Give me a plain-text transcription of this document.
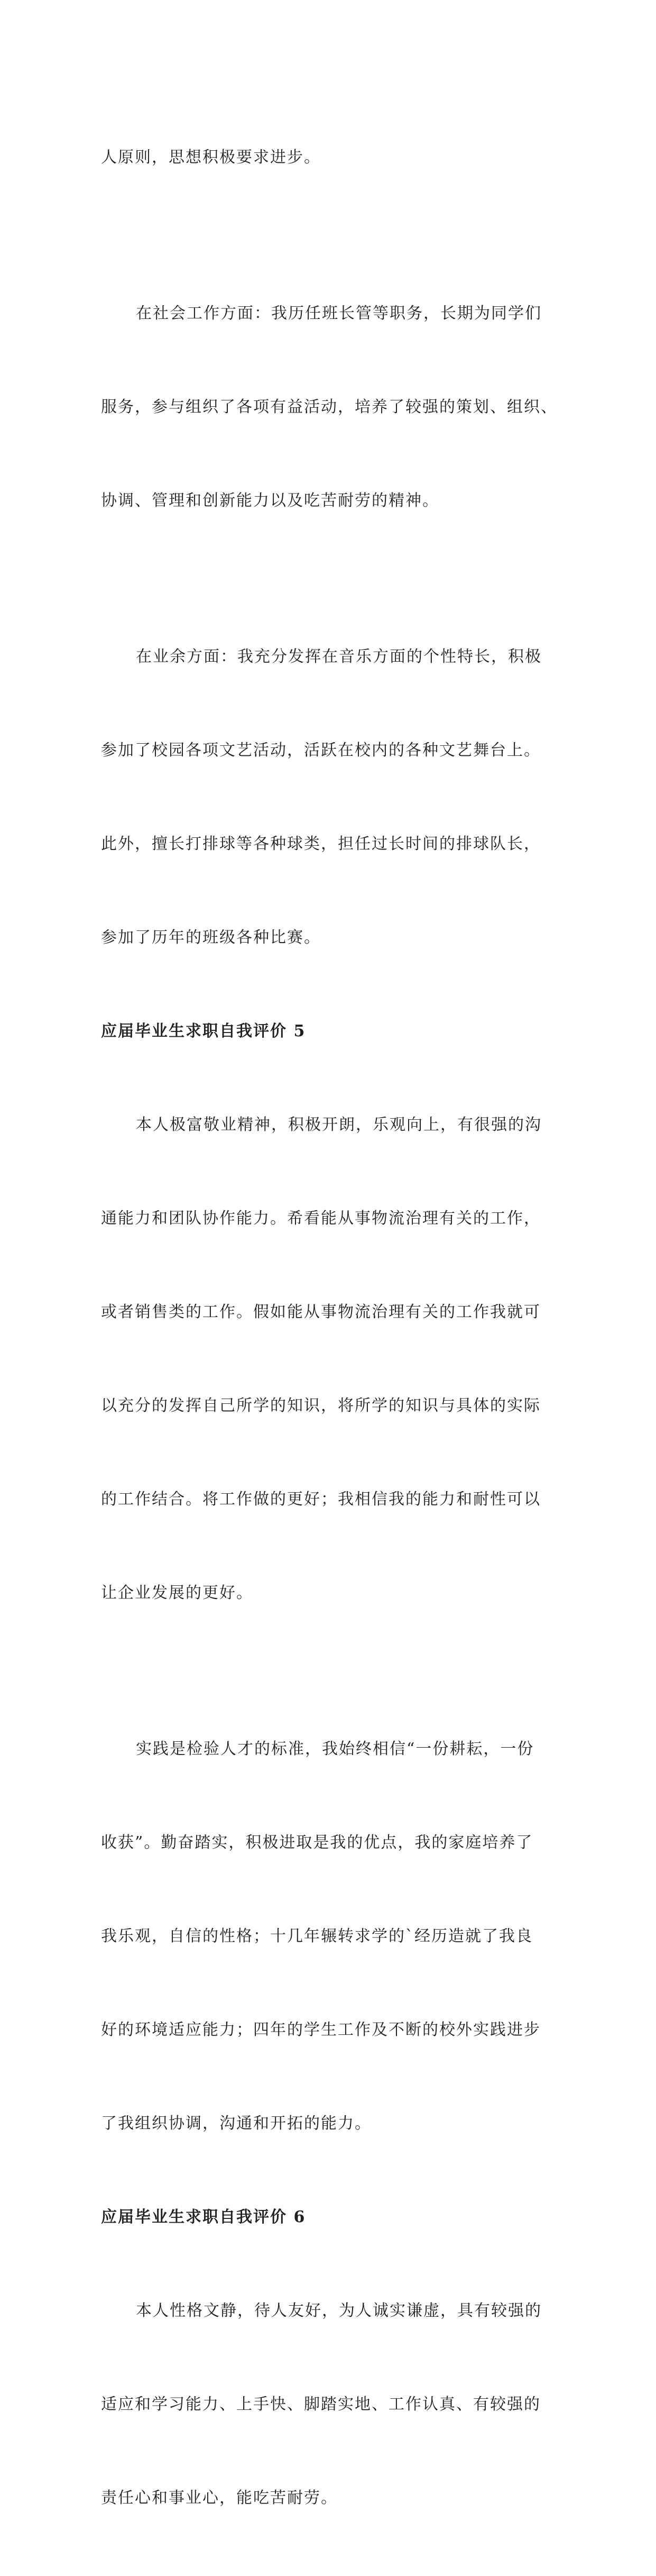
人原则，思想积极要求进步。

在社会工作方面：我历任班长管等职务，长期为同学们

服务，参与组织了各项有益活动，培养了较强的策划、组织、

协调、管理和创新能力以及吃苦耐劳的精神。

在业余方面：我充分发挥在音乐方面的个性特长，积极

参加了校园各项文艺活动，活跃在校内的各种文艺舞台上。

此外，擅长打排球等各种球类，担任过长时间的排球队长，

参加了历年的班级各种比赛。

应届毕业生求职自我评价 5

本人极富敬业精神，积极开朗，乐观向上，有很强的沟

通能力和团队协作能力。希看能从事物流治理有关的工作，

或者销售类的工作。假如能从事物流治理有关的工作我就可

以充分的发挥自己所学的知识，将所学的知识与具体的实际

的工作结合。将工作做的更好；我相信我的能力和耐性可以

让企业发展的更好。

实践是检验人才的标准，我始终相信“一份耕耘，一份

收获”。勤奋踏实，积极进取是我的优点，我的家庭培养了

我乐观，自信的性格；十几年辗转求学的`经历造就了我良

好的环境适应能力；四年的学生工作及不断的校外实践进步

了我组织协调，沟通和开拓的能力。

应届毕业生求职自我评价 6

本人性格文静，待人友好，为人诚实谦虚，具有较强的

适应和学习能力、上手快、脚踏实地、工作认真、有较强的

责任心和事业心，能吃苦耐劳。
